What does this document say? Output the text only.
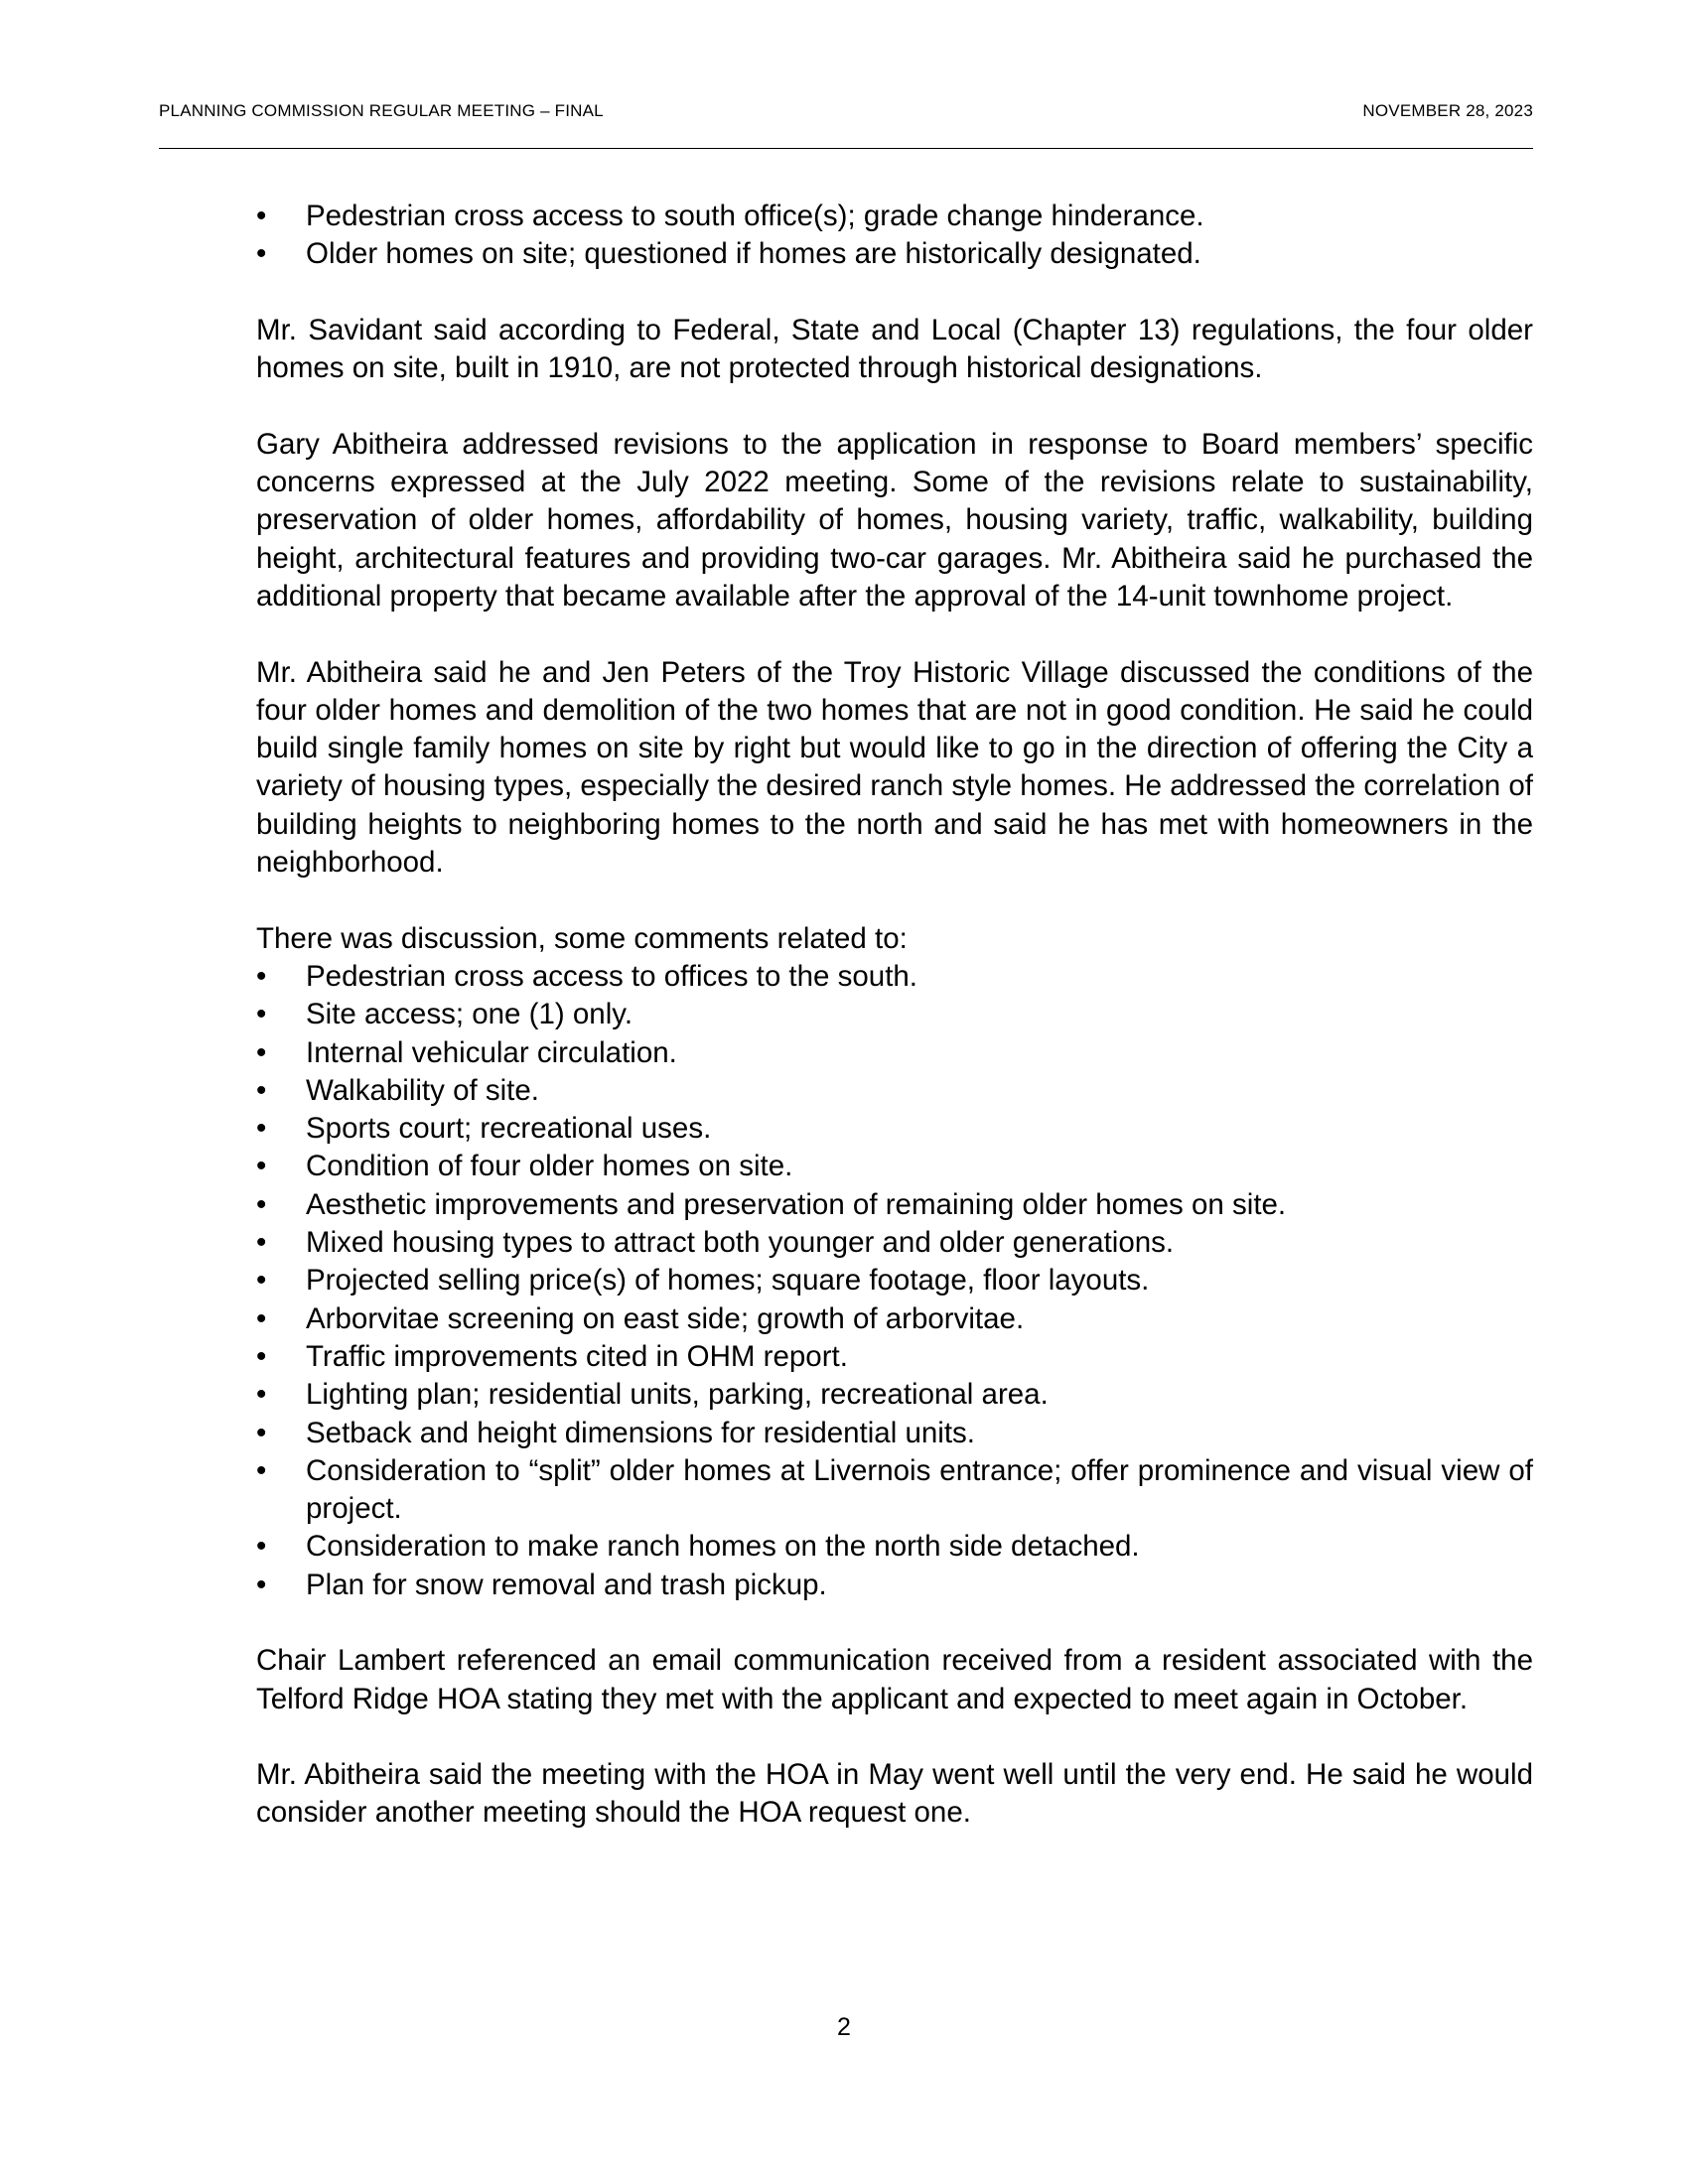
PLANNING COMMISSION REGULAR MEETING – FINAL	NOVEMBER 28, 2023
•	Pedestrian cross access to south office(s); grade change hinderance.
•	Older homes on site; questioned if homes are historically designated.

Mr. Savidant said according to Federal, State and Local (Chapter 13) regulations, the four older homes on site, built in 1910, are not protected through historical designations.

Gary Abitheira addressed revisions to the application in response to Board members’ specific concerns expressed at the July 2022 meeting. Some of the revisions relate to sustainability, preservation of older homes, affordability of homes, housing variety, traffic, walkability, building height, architectural features and providing two-car garages. Mr. Abitheira said he purchased the additional property that became available after the approval of the 14-unit townhome project.

Mr. Abitheira said he and Jen Peters of the Troy Historic Village discussed the conditions of the four older homes and demolition of the two homes that are not in good condition. He said he could build single family homes on site by right but would like to go in the direction of offering the City a variety of housing types, especially the desired ranch style homes. He addressed the correlation of building heights to neighboring homes to the north and said he has met with homeowners in the neighborhood.

There was discussion, some comments related to:

•	Pedestrian cross access to offices to the south.
•	Site access; one (1) only.
•	Internal vehicular circulation.
•	Walkability of site.
•	Sports court; recreational uses.
•	Condition of four older homes on site.
•	Aesthetic improvements and preservation of remaining older homes on site.
•	Mixed housing types to attract both younger and older generations.
•	Projected selling price(s) of homes; square footage, floor layouts.
•	Arborvitae screening on east side; growth of arborvitae.
•	Traffic improvements cited in OHM report.
•	Lighting plan; residential units, parking, recreational area.
•	Setback and height dimensions for residential units.
•	Consideration to “split” older homes at Livernois entrance; offer prominence and visual view of project.
•	Consideration to make ranch homes on the north side detached.
•	Plan for snow removal and trash pickup.

Chair Lambert referenced an email communication received from a resident associated with the Telford Ridge HOA stating they met with the applicant and expected to meet again in October.

Mr. Abitheira said the meeting with the HOA in May went well until the very end. He said he would consider another meeting should the HOA request one.

2
